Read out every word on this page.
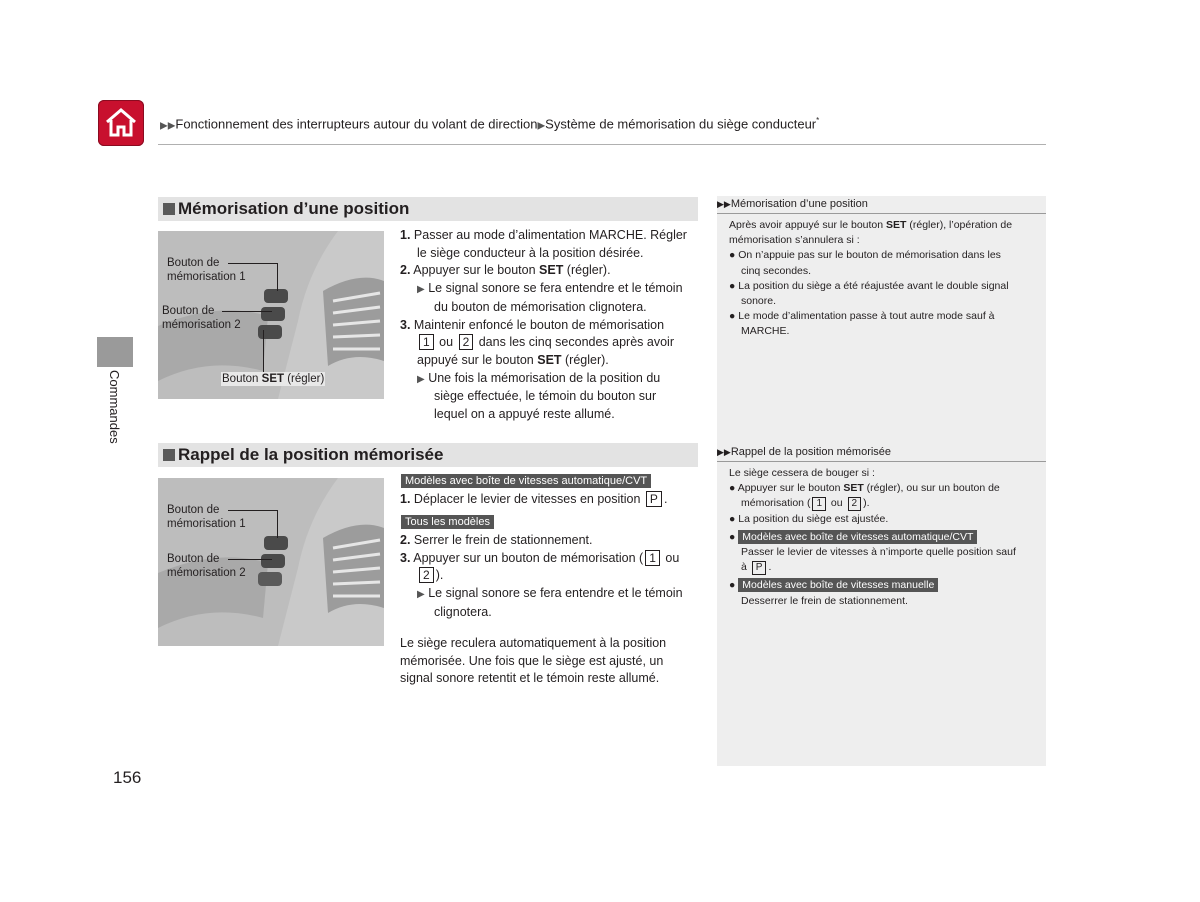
▶▶Fonctionnement des interrupteurs autour du volant de direction▶Système de mémorisation du siège conducteur*
Commandes
Mémorisation d’une position
Bouton de
mémorisation 1
Bouton de
mémorisation 2
Bouton SET (régler)
1. Passer au mode d’alimentation MARCHE. Régler
le siège conducteur à la position désirée.
2. Appuyer sur le bouton SET (régler).
▶ Le signal sonore se fera entendre et le témoin
du bouton de mémorisation clignotera.
3. Maintenir enfoncé le bouton de mémorisation
1 ou 2 dans les cinq secondes après avoir
appuyé sur le bouton SET (régler).
▶ Une fois la mémorisation de la position du
siège effectuée, le témoin du bouton sur
lequel on a appuyé reste allumé.
Rappel de la position mémorisée
Bouton de
mémorisation 1
Bouton de
mémorisation 2
Modèles avec boîte de vitesses automatique/CVT
1. Déplacer le levier de vitesses en position P .
Tous les modèles
2. Serrer le frein de stationnement.
3. Appuyer sur un bouton de mémorisation ( 1 ou
2 ).
▶ Le signal sonore se fera entendre et le témoin
clignotera.
Le siège reculera automatiquement à la position
mémorisée. Une fois que le siège est ajusté, un
signal sonore retentit et le témoin reste allumé.
▶▶Mémorisation d’une position
Après avoir appuyé sur le bouton SET (régler), l’opération de
mémorisation s’annulera si :
● On n’appuie pas sur le bouton de mémorisation dans les
cinq secondes.
● La position du siège a été réajustée avant le double signal
sonore.
● Le mode d’alimentation passe à tout autre mode sauf à
MARCHE.
▶▶Rappel de la position mémorisée
Le siège cessera de bouger si :
● Appuyer sur le bouton SET (régler), ou sur un bouton de
mémorisation ( 1 ou 2 ).
● La position du siège est ajustée.
● Modèles avec boîte de vitesses automatique/CVT
Passer le levier de vitesses à n’importe quelle position sauf
à P .
● Modèles avec boîte de vitesses manuelle
Desserrer le frein de stationnement.
156
